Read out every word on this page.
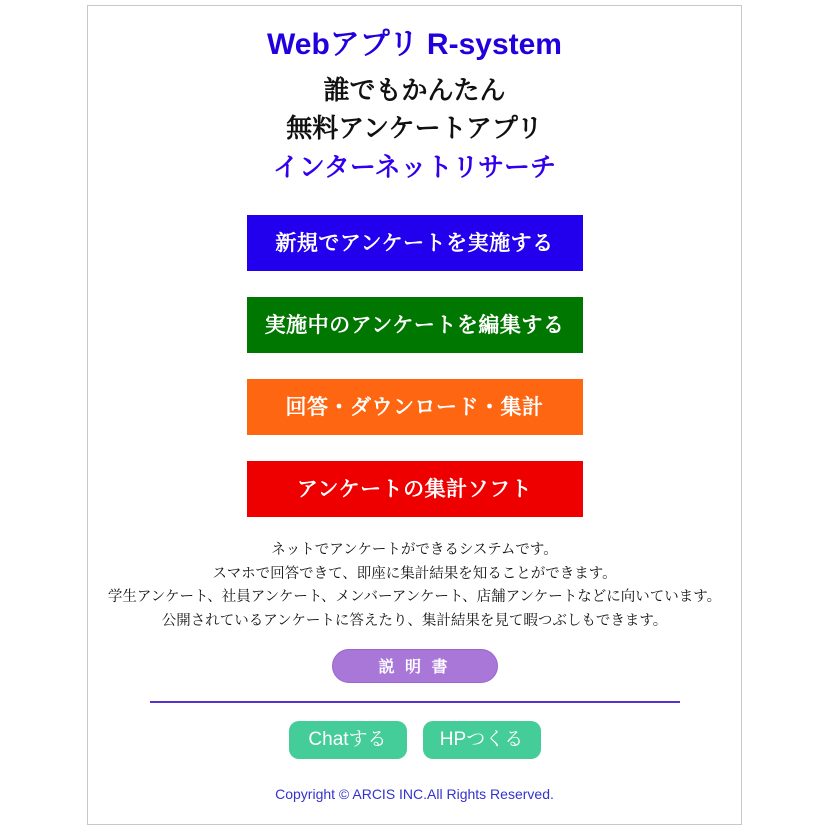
Webアプリ R-system
誰でもかんたん
無料アンケートアプリ
インターネットリサーチ
新規でアンケートを実施する
実施中のアンケートを編集する
回答・ダウンロード・集計
アンケートの集計ソフト
ネットでアンケートができるシステムです。
スマホで回答できて、即座に集計結果を知ることができます。
学生アンケート、社員アンケート、メンバーアンケート、店舗アンケートなどに向いています。
公開されているアンケートに答えたり、集計結果を見て暇つぶしもできます。
説 明 書
Chatする	HPつくる
Copyright © ARCIS INC.All Rights Reserved.
